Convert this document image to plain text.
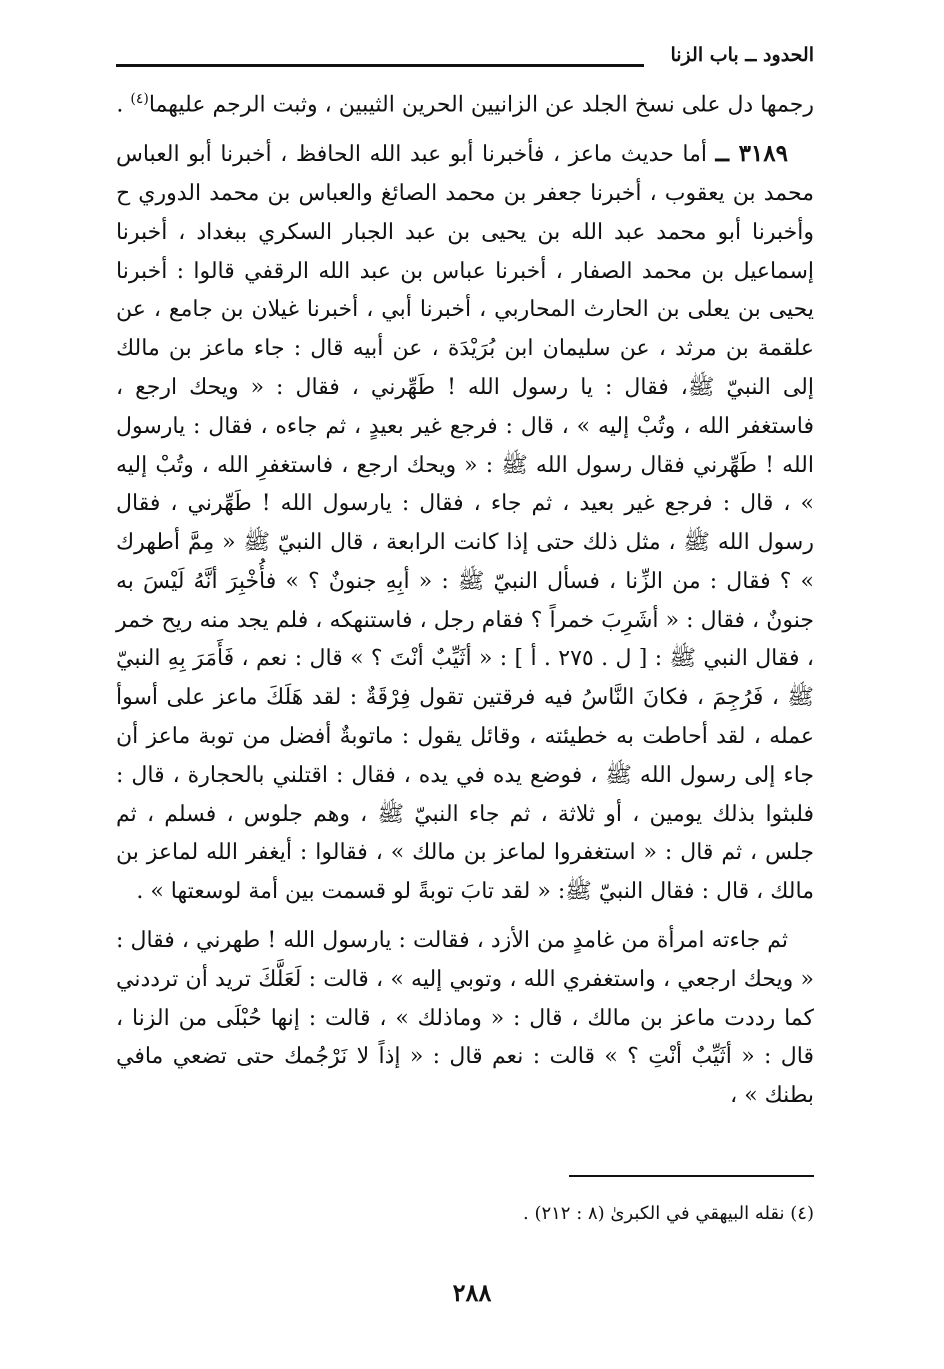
الحدود ــ باب الزنا

رجمها دل على نسخ الجلد عن الزانيين الحرين الثيبين ، وثبت الرجم عليهما$^{(٤)}$ .

٣١٨٩ ــ أما حديث ماعز ، فأخبرنا أبو عبد الله الحافظ ، أخبرنا أبو العباس محمد بن يعقوب ، أخبرنا جعفر بن محمد الصائغ والعباس بن محمد الدوري ح وأخبرنا أبو محمد عبد الله بن يحيى بن عبد الجبار السكري ببغداد ، أخبرنا إسماعيل بن محمد الصفار ، أخبرنا عباس بن عبد الله الرقفي قالوا : أخبرنا يحيى بن يعلى بن الحارث المحاربي ، أخبرنا أبي ، أخبرنا غيلان بن جامع ، عن علقمة بن مرثد ، عن سليمان ابن بُرَيْدَة ، عن أبيه قال : جاء ماعز بن مالك إلى النبيّ ﷺ، فقال : يا رسول الله ! طَهِّرني ، فقال : « ويحك ارجع ، فاستغفر الله ، وتُبْ إليه » ، قال : فرجع غير بعيدٍ ، ثم جاءه ، فقال : يارسول الله ! طَهِّرني فقال رسول الله ﷺ : « ويحك ارجع ، فاستغفرِ الله ، وتُبْ إليه » ، قال : فرجع غير بعيد ، ثم جاء ، فقال : يارسول الله ! طَهِّرني ، فقال رسول الله ﷺ ، مثل ذلك حتى إذا كانت الرابعة ، قال النبيّ ﷺ « مِمَّ أطهرك » ؟ فقال : من الزِّنا ، فسأل النبيّ ﷺ : « أبِهِ جنونٌ ؟ » فأُخْبِرَ أنَّهُ لَيْسَ به جنونٌ ، فقال : « أشَرِبَ خمراً ؟ فقام رجل ، فاستنهكه ، فلم يجد منه ريح خمر ، فقال النبي ﷺ : [ ل . ٢٧٥ . أ ] : « أثَيِّبٌ أنْتَ ؟ » قال : نعم ، فَأَمَرَ بِهِ النبيّ ﷺ ، فَرُجِمَ ، فكانَ النَّاسُ فيه فرقتين تقول فِرْقَةٌ : لقد هَلَكَ ماعز على أسوأ عمله ، لقد أحاطت به خطيئته ، وقائل يقول : ماتوبةٌ أفضل من توبة ماعز أن جاء إلى رسول الله ﷺ ، فوضع يده في يده ، فقال : اقتلني بالحجارة ، قال : فلبثوا بذلك يومين ، أو ثلاثة ، ثم جاء النبيّ ﷺ ، وهم جلوس ، فسلم ، ثم جلس ، ثم قال : « استغفروا لماعز بن مالك » ، فقالوا : أيغفر الله لماعز بن مالك ، قال : فقال النبيّ ﷺ: « لقد تابَ توبةً لو قسمت بين أمة لوسعتها » .

ثم جاءته امرأة من غامدٍ من الأزد ، فقالت : يارسول الله ! طهرني ، فقال : « ويحك ارجعي ، واستغفري الله ، وتوبي إليه » ، قالت : لَعَلَّكَ تريد أن ترددني كما رددت ماعز بن مالك ، قال : « وماذلك » ، قالت : إنها حُبْلَى من الزنا ، قال : « أثَيِّبٌ أنْتِ ؟ » قالت : نعم قال : « إذاً لا نَرْجُمك حتى تضعي مافي بطنك » ،

(٤) نقله البيهقي في الكبرىٰ (٨ : ٢١٢) .
٢٨٨
